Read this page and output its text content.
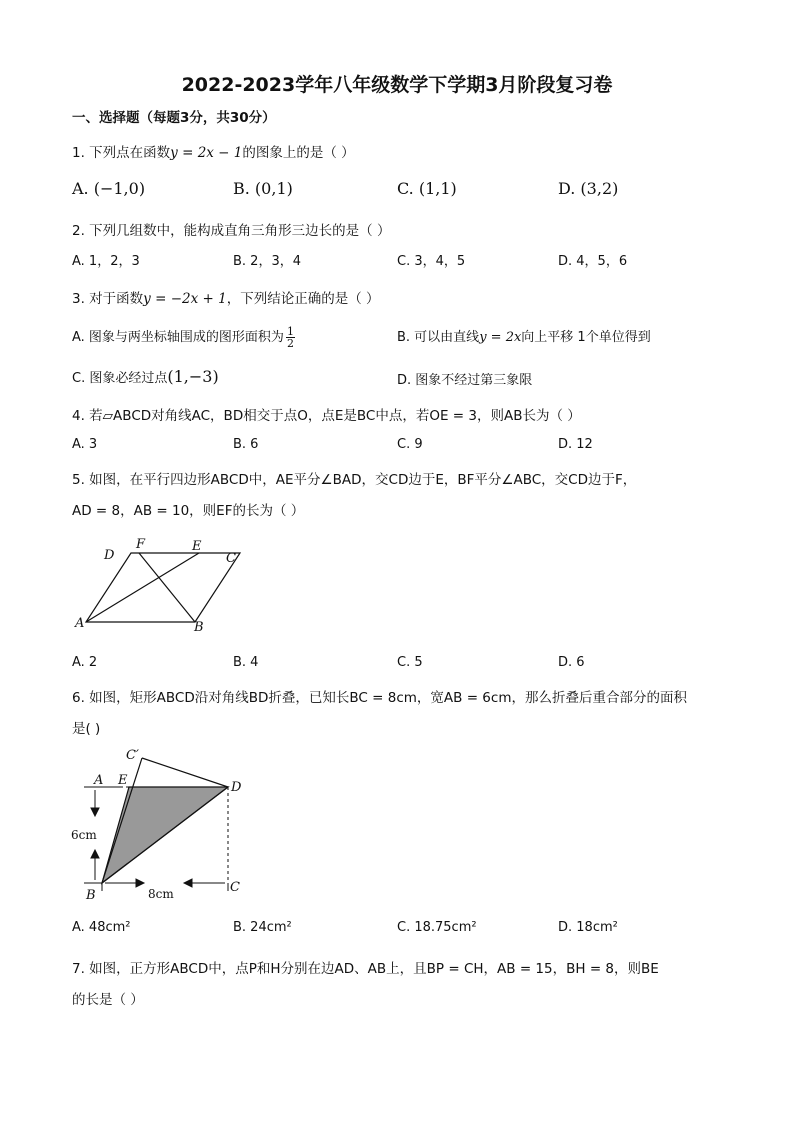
2022-2023学年八年级数学下学期3月阶段复习卷
一、选择题（每题3分，共30分）
1. 下列点在函数y = 2x − 1的图象上的是（ ）
A. (−1,0)	B. (0,1)	C. (1,1)	D. (3,2)
2. 下列几组数中，能构成直角三角形三边长的是（ ）
A. 1，2，3	B. 2，3，4	C. 3，4，5	D. 4，5，6
3. 对于函数y = −2x + 1，下列结论正确的是（ ）
A. 图象与两坐标轴围成的图形面积为 $\frac{1}{2}$	B. 可以由直线y = 2x向上平移 1个单位得到
C. 图象必经过点(1,−3)	D. 图象不经过第三象限
4. 若▱ABCD对角线AC，BD相交于点O，点E是BC中点，若OE = 3，则AB长为（ ）
A. 3	B. 6	C. 9	D. 12
5. 如图，在平行四边形ABCD中，AE平分∠BAD，交CD边于E，BF平分∠ABC，交CD边于F，
AD = 8，AB = 10，则EF的长为（ ）
D
F	E
C
A	B
A. 2	B. 4	C. 5	D. 6
6. 如图，矩形ABCD沿对角线BD折叠，已知长BC = 8cm，宽AB = 6cm，那么折叠后重合部分的面积
是( )
C′
A E	D
B
C
6cm
8cm
A. 48cm²	B. 24cm²	C. 18.75cm²	D. 18cm²
7. 如图，正方形ABCD中，点P和H分别在边AD、AB上，且BP = CH，AB = 15，BH = 8，则BE
的长是（ ）
